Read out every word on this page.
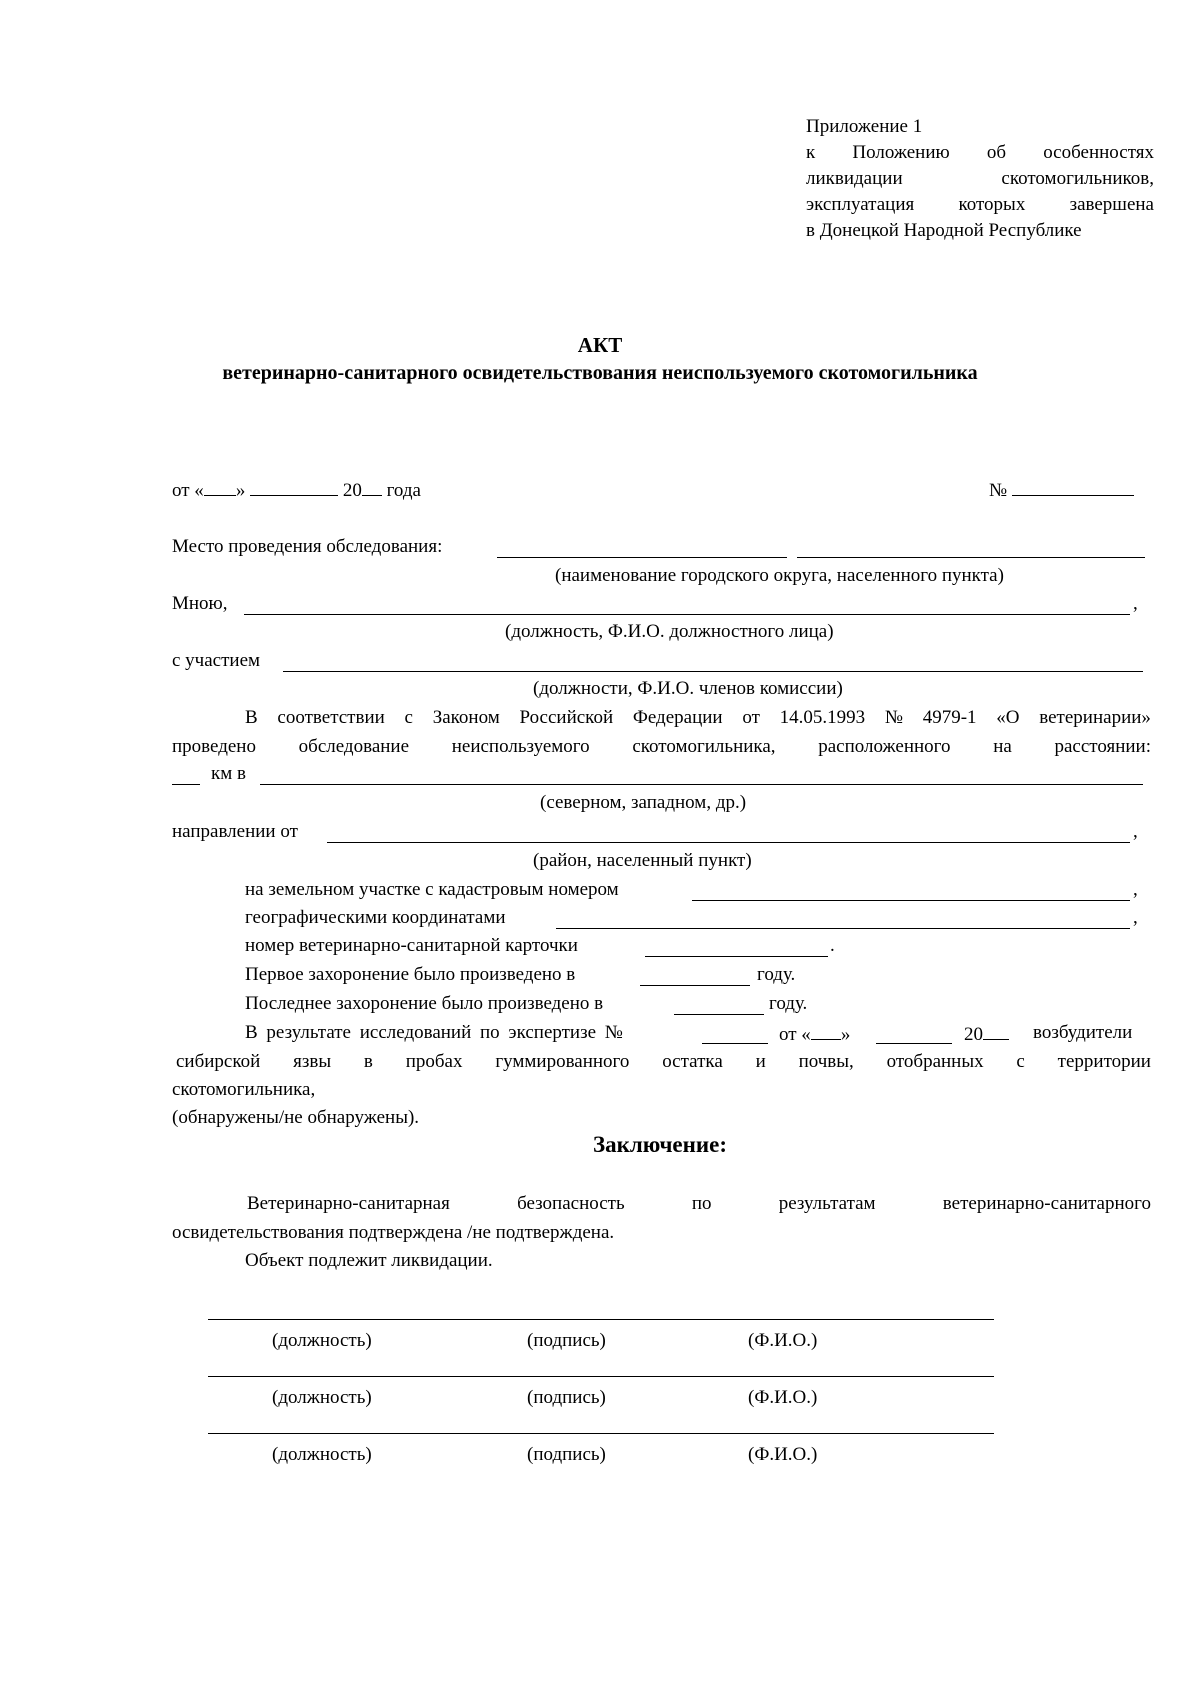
Приложение 1
к Положению об особенностях
ликвидации	скотомогильников,
эксплуатация которых завершена
в Донецкой Народной Республике
АКТ
ветеринарно-санитарного освидетельствования неиспользуемого скотомогильника
от « »	20 года	№
Место проведения обследования:
(наименование городского округа, населенного пункта)
Мною,	,
(должность, Ф.И.О. должностного лица)
с участием
(должности, Ф.И.О. членов комиссии)
В соответствии с Законом Российской Федерации от 14.05.1993 № 4979-1 «О ветеринарии»
проведено обследование неиспользуемого скотомогильника, расположенного на расстоянии:
км в
(северном, западном, др.)
направлении от	,
(район, населенный пункт)
на земельном участке с кадастровым номером	,
географическими координатами	,
номер ветеринарно-санитарной карточки	.
Первое захоронение было произведено в	году.
Последнее захоронение было произведено в	году.
В результате исследований по экспертизе №	от « »	20	возбудители
сибирской язвы в пробах гуммированного остатка и почвы, отобранных с территории
скотомогильника,
(обнаружены/не обнаружены).
Заключение:
Ветеринарно-санитарная	безопасность	по	результатам	ветеринарно-санитарного
освидетельствования подтверждена /не подтверждена.
Объект подлежит ликвидации.
(должность)	(подпись)	(Ф.И.О.)
(должность)	(подпись)	(Ф.И.О.)
(должность)	(подпись)	(Ф.И.О.)
